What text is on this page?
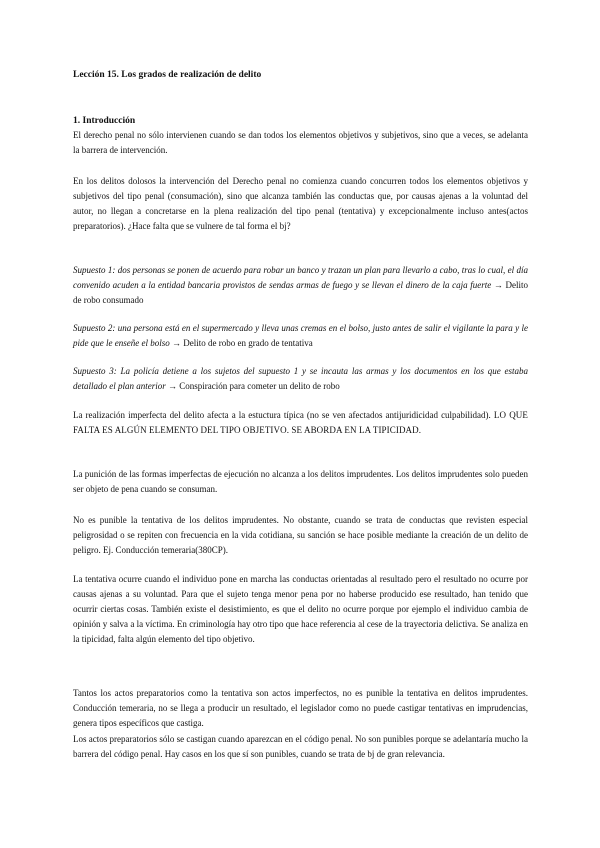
Lección 15. Los grados de realización de delito
1. Introducción

El derecho penal no sólo intervienen cuando se dan todos los elementos objetivos y subjetivos, sino que a veces, se adelanta la barrera de intervención.

En los delitos dolosos la intervención del Derecho penal no comienza cuando concurren todos los elementos objetivos y subjetivos del tipo penal (consumación), sino que alcanza también las conductas que, por causas ajenas a la voluntad del autor, no llegan a concretarse en la plena realización del tipo penal (tentativa) y excepcionalmente incluso antes(actos preparatorios). ¿Hace falta que se vulnere de tal forma el bj?

Supuesto 1: dos personas se ponen de acuerdo para robar un banco y trazan un plan para llevarlo a cabo, tras lo cual, el día convenido acuden a la entidad bancaria provistos de sendas armas de fuego y se llevan el dinero de la caja fuerte → Delito de robo consumado

Supuesto 2: una persona está en el supermercado y lleva unas cremas en el bolso, justo antes de salir el vigilante la para y le pide que le enseñe el bolso → Delito de robo en grado de tentativa

Supuesto 3: La policía detiene a los sujetos del supuesto 1 y se incauta las armas y los documentos en los que estaba detallado el plan anterior → Conspiración para cometer un delito de robo

La realización imperfecta del delito afecta a la estuctura típica (no se ven afectados antijuridicidad culpabilidad). LO QUE FALTA ES ALGÚN ELEMENTO DEL TIPO OBJETIVO. SE ABORDA EN LA TIPICIDAD.

La punición de las formas imperfectas de ejecución no alcanza a los delitos imprudentes. Los delitos imprudentes solo pueden ser objeto de pena cuando se consuman.

No es punible la tentativa de los delitos imprudentes. No obstante, cuando se trata de conductas que revisten especial peligrosidad o se repiten con frecuencia en la vida cotidiana, su sanción se hace posible mediante la creación de un delito de peligro. Ej. Conducción temeraria(380CP).

La tentativa ocurre cuando el individuo pone en marcha las conductas orientadas al resultado pero el resultado no ocurre por causas ajenas a su voluntad. Para que el sujeto tenga menor pena por no haberse producido ese resultado, han tenido que ocurrir ciertas cosas. También existe el desistimiento, es que el delito no ocurre porque por ejemplo el individuo cambia de opinión y salva a la víctima. En criminología hay otro tipo que hace referencia al cese de la trayectoria delictiva. Se analiza en la tipicidad, falta algún elemento del tipo objetivo.

Tantos los actos preparatorios como la tentativa son actos imperfectos, no es punible la tentativa en delitos imprudentes. Conducción temeraria, no se llega a producir un resultado, el legislador como no puede castigar tentativas en imprudencias, genera tipos específicos que castiga.

Los actos preparatorios sólo se castigan cuando aparezcan en el código penal. No son punibles porque se adelantaría mucho la barrera del código penal. Hay casos en los que sí son punibles, cuando se trata de bj de gran relevancia.
